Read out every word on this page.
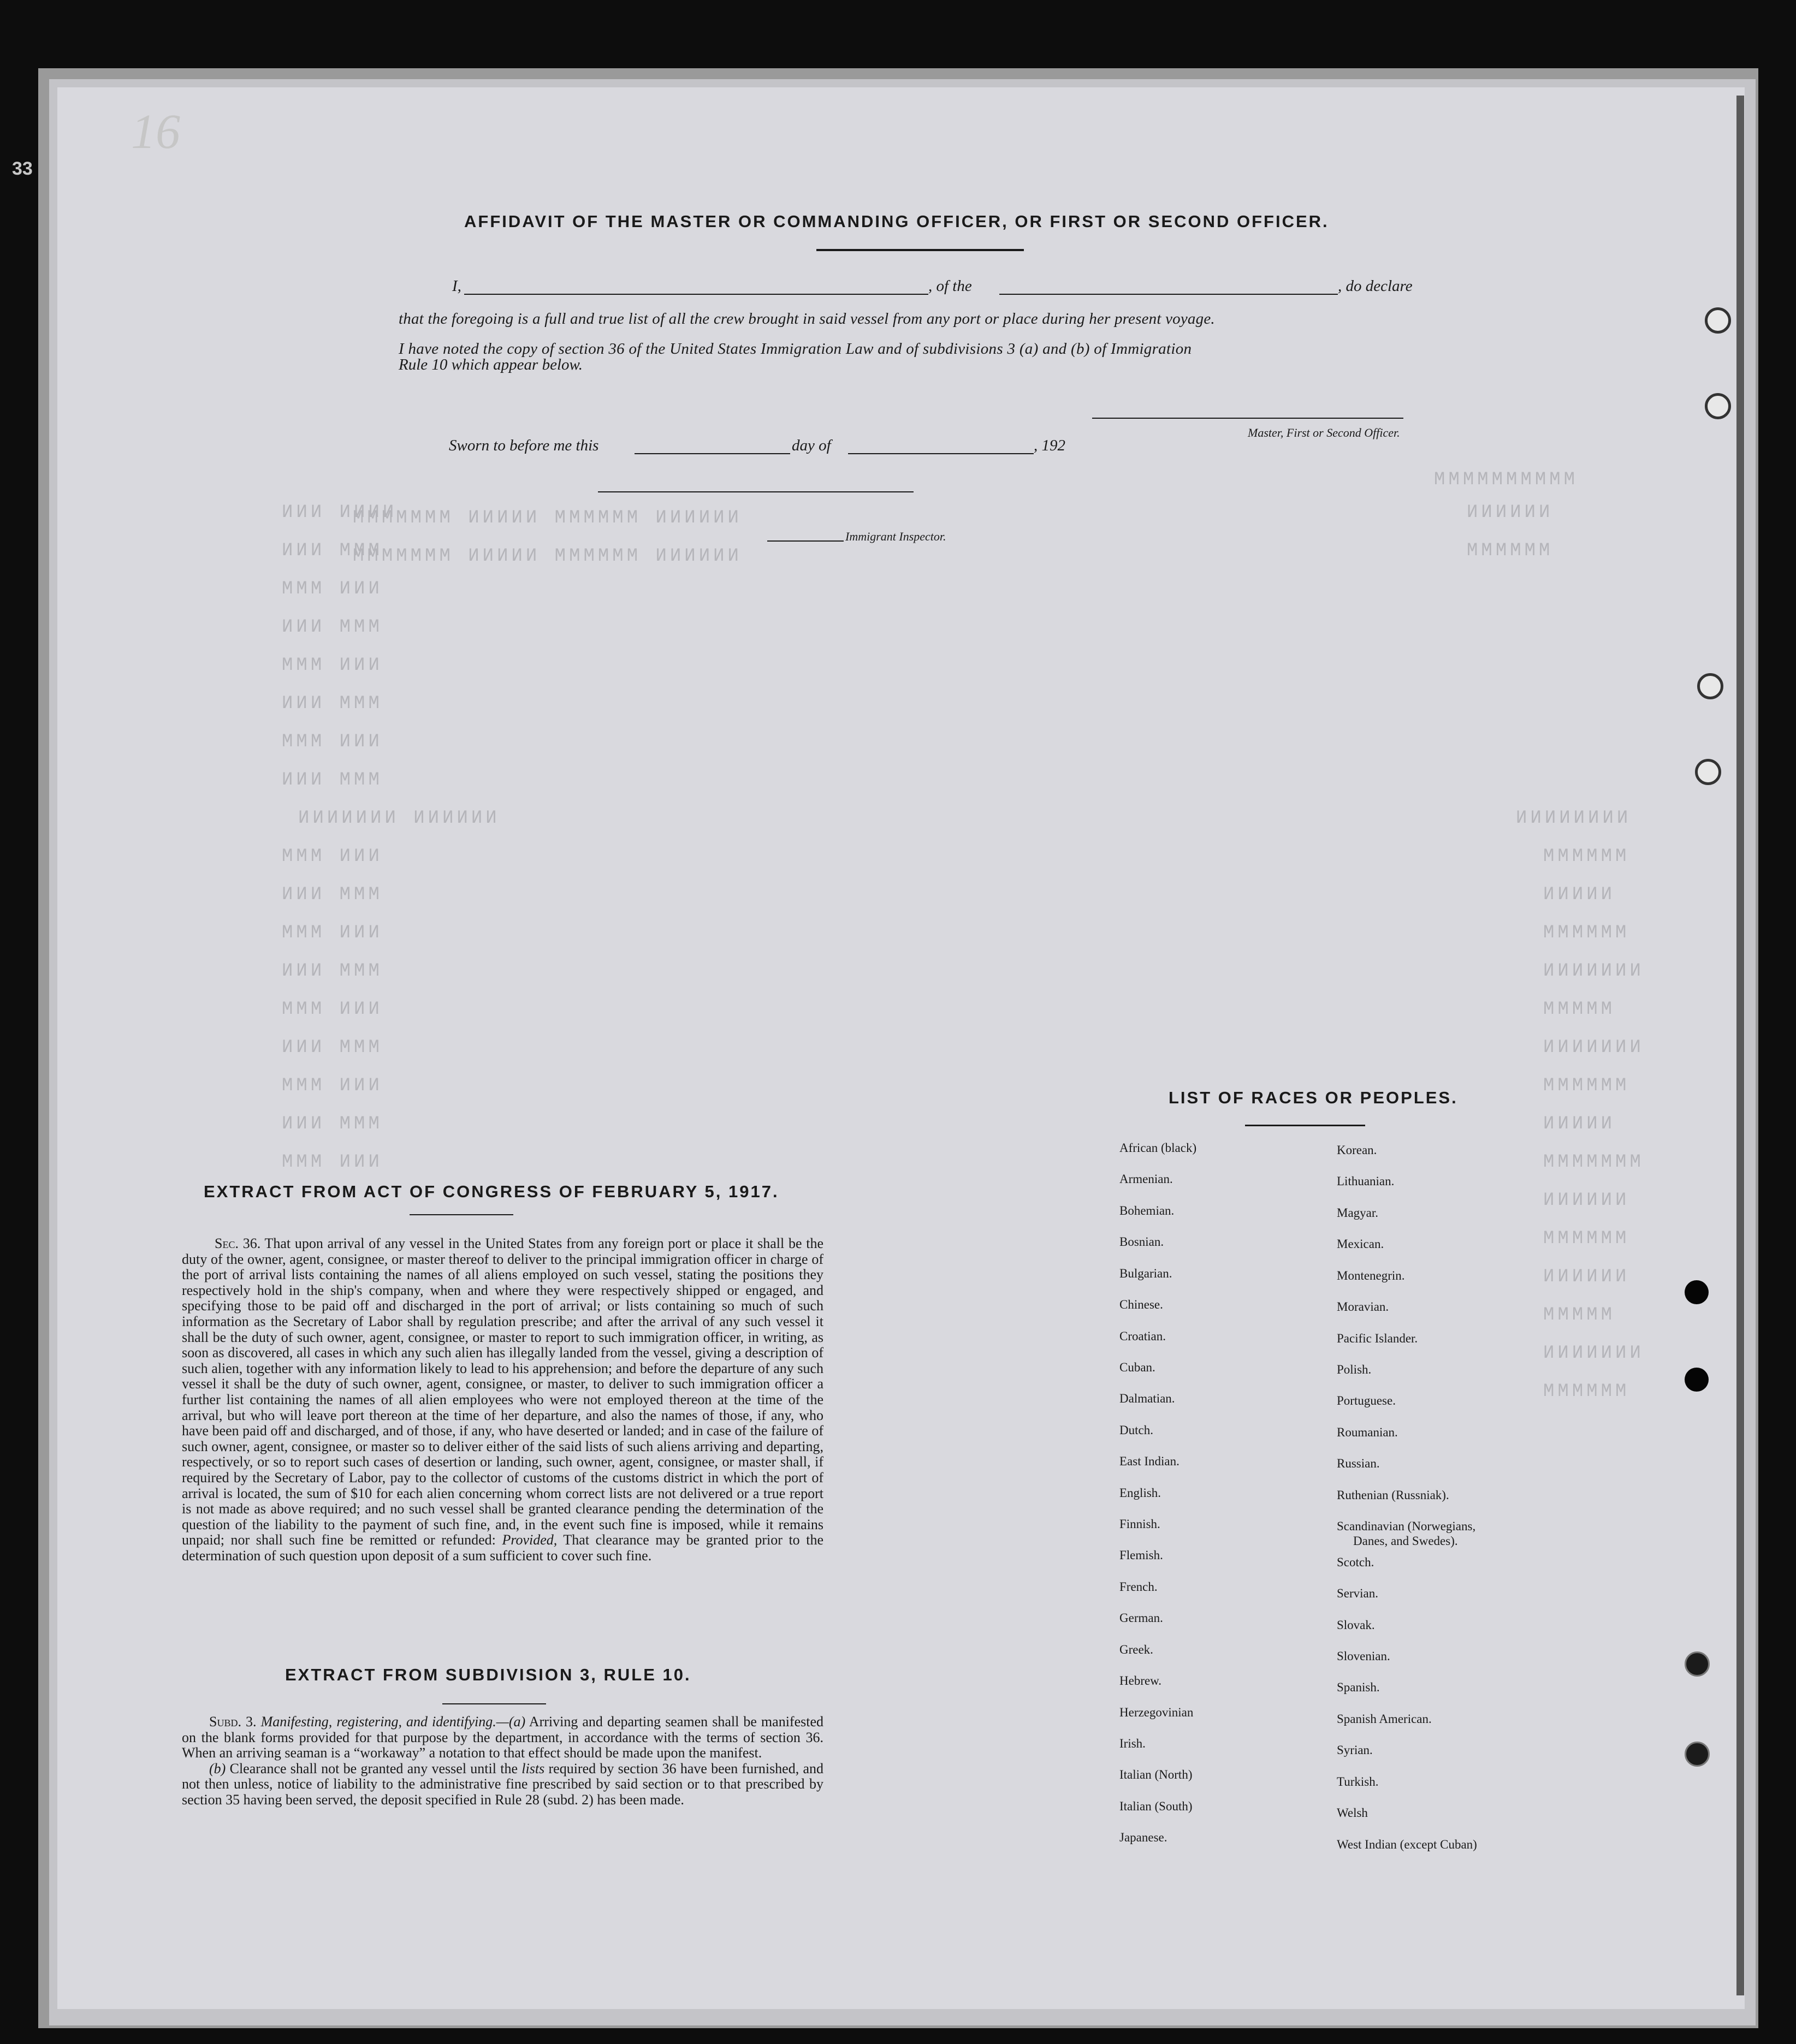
33
NNNNNN MMMMMM NNNNN MMMMMMM
NNNNNN MMMMMM NNNNN MMMMMMM
MMMMMMMMMM
NNNNNN
MMMMMM
NNNNNN NNNNNNN	NNNNNNNN
MMMMMM
NNNNN
MMMMMM
NNNNNNN
MMMMM
NNNNNNN
MMMMMM
NNNNN
MMMMMMM
NNNNNN
MMMMMM
NNNNNN
MMMMM
NNNNNNN
MMMMMM
NNNN NNN
MMM NNN
NNN MMM
MMM NNN
NNN MMM
MMM NNN
NNN MMM
MMM NNN
NNN MMM
MMM NNN
NNN MMM
MMM NNN
NNN MMM
MMM NNN
NNN MMM
MMM NNN
NNN MMM
16
AFFIDAVIT OF THE MASTER OR COMMANDING OFFICER, OR FIRST OR SECOND OFFICER.
I,	, of the	, do declare
that the foregoing is a full and true list of all the crew brought in said vessel from any port or place during her present voyage.
I have noted the copy of section 36 of the United States Immigration Law and of subdivisions 3 (a) and (b) of Immigration
Rule 10 which appear below.
Master, First or Second Officer.
Sworn to before me this	day of	, 192
Immigrant Inspector.
EXTRACT FROM ACT OF CONGRESS OF FEBRUARY 5, 1917.
Sec. 36. That upon arrival of any vessel in the United States from any foreign port or place it shall be the duty of the owner, agent, consignee, or master thereof to deliver to the principal immigration officer in charge of the port of arrival lists containing the names of all aliens employed on such vessel, stating the positions they respectively hold in the ship's company, when and where they were respectively shipped or engaged, and specifying those to be paid off and discharged in the port of arrival; or lists containing so much of such information as the Secretary of Labor shall by regulation prescribe; and after the arrival of any such vessel it shall be the duty of such owner, agent, consignee, or master to report to such immigration officer, in writing, as soon as discovered, all cases in which any such alien has illegally landed from the vessel, giving a description of such alien, together with any information likely to lead to his apprehension; and before the departure of any such vessel it shall be the duty of such owner, agent, consignee, or master, to deliver to such immigration officer a further list containing the names of all alien employees who were not employed thereon at the time of the arrival, but who will leave port thereon at the time of her departure, and also the names of those, if any, who have been paid off and discharged, and of those, if any, who have deserted or landed; and in case of the failure of such owner, agent, consignee, or master so to deliver either of the said lists of such aliens arriving and departing, respectively, or so to report such cases of desertion or landing, such owner, agent, consignee, or master shall, if required by the Secretary of Labor, pay to the collector of customs of the customs district in which the port of arrival is located, the sum of $10 for each alien concerning whom correct lists are not delivered or a true report is not made as above required; and no such vessel shall be granted clearance pending the determination of the question of the liability to the payment of such fine, and, in the event such fine is imposed, while it remains unpaid; nor shall such fine be remitted or refunded: Provided, That clearance may be granted prior to the determination of such question upon deposit of a sum sufficient to cover such fine.
EXTRACT FROM SUBDIVISION 3, RULE 10.
Subd. 3. Manifesting, registering, and identifying.—(a) Arriving and departing seamen shall be manifested on the blank forms provided for that purpose by the department, in accordance with the terms of section 36. When an arriving seaman is a “workaway” a notation to that effect should be made upon the manifest.
(b) Clearance shall not be granted any vessel until the lists required by section 36 have been furnished, and not then unless, notice of liability to the administrative fine prescribed by said section or to that prescribed by section 35 having been served, the deposit specified in Rule 28 (subd. 2) has been made.
LIST OF RACES OR PEOPLES.
African (black)
Armenian.
Bohemian.
Bosnian.
Bulgarian.
Chinese.
Croatian.
Cuban.
Dalmatian.
Dutch.
East Indian.
English.
Finnish.
Flemish.
French.
German.
Greek.
Hebrew.
Herzegovinian
Irish.
Italian (North)
Italian (South)
Japanese.
Korean.
Lithuanian.
Magyar.
Mexican.
Montenegrin.
Moravian.
Pacific Islander.
Polish.
Portuguese.
Roumanian.
Russian.
Ruthenian (Russniak).
Scandinavian (Norwegians,
Danes, and Swedes).
Scotch.
Servian.
Slovak.
Slovenian.
Spanish.
Spanish American.
Syrian.
Turkish.
Welsh
West Indian (except Cuban)
